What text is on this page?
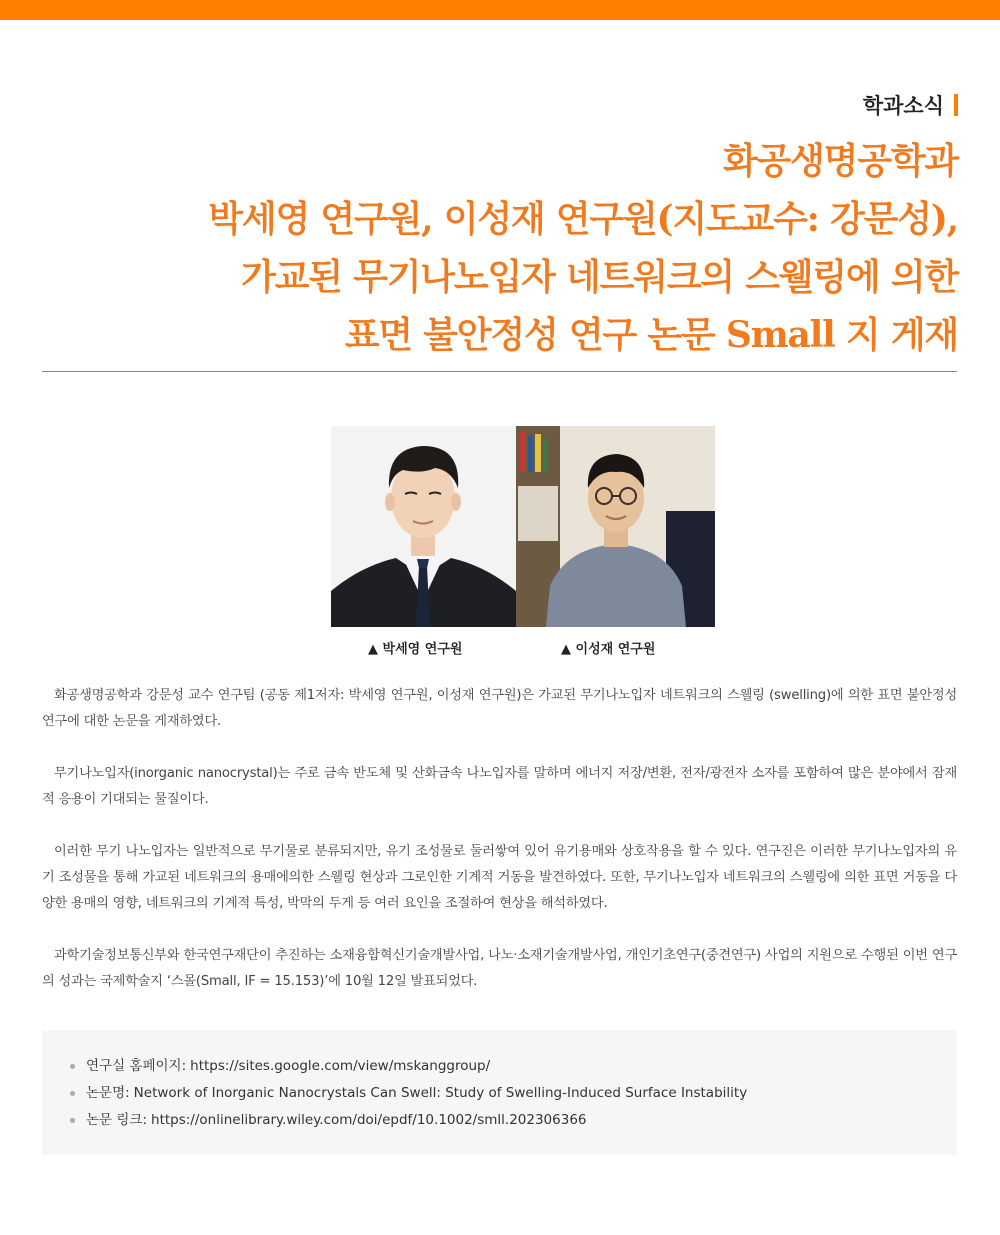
학과소식
화공생명공학과
박세영 연구원, 이성재 연구원(지도교수: 강문성),
가교된 무기나노입자 네트워크의 스웰링에 의한
표면 불안정성 연구 논문 Small 지 게재
▲ 박세영 연구원	▲ 이성재 연구원

화공생명공학과 강문성 교수 연구팀 (공동 제1저자: 박세영 연구원, 이성재 연구원)은 가교된 무기나노입자 네트워크의 스웰링 (swelling)에 의한 표면 불안정성 연구에 대한 논문을 게재하였다.

무기나노입자(inorganic nanocrystal)는 주로 금속 반도체 및 산화금속 나노입자를 말하며 에너지 저장/변환, 전자/광전자 소자를 포함하여 많은 분야에서 잠재적 응용이 기대되는 물질이다.

이러한 무기 나노입자는 일반적으로 무기물로 분류되지만, 유기 조성물로 둘러쌓여 있어 유기용매와 상호작용을 할 수 있다. 연구진은 이러한 무기나노입자의 유기 조성물을 통해 가교된 네트워크의 용매에의한 스웰링 현상과 그로인한 기계적 거동을 발견하였다. 또한, 무기나노입자 네트워크의 스웰링에 의한 표면 거동을 다양한 용매의 영향, 네트워크의 기계적 특성, 박막의 두게 등 여러 요인을 조절하여 현상을 해석하였다.

과학기술정보통신부와 한국연구재단이 추진하는 소재융합혁신기술개발사업, 나노·소재기술개발사업, 개인기초연구(중견연구) 사업의 지원으로 수행된 이번 연구의 성과는 국제학술지 ‘스몰(Small, IF = 15.153)’에 10월 12일 발표되었다.

연구실 홈페이지: https://sites.google.com/view/mskanggroup/
논문명: Network of Inorganic Nanocrystals Can Swell: Study of Swelling-Induced Surface Instability
논문 링크: https://onlinelibrary.wiley.com/doi/epdf/10.1002/smll.202306366
